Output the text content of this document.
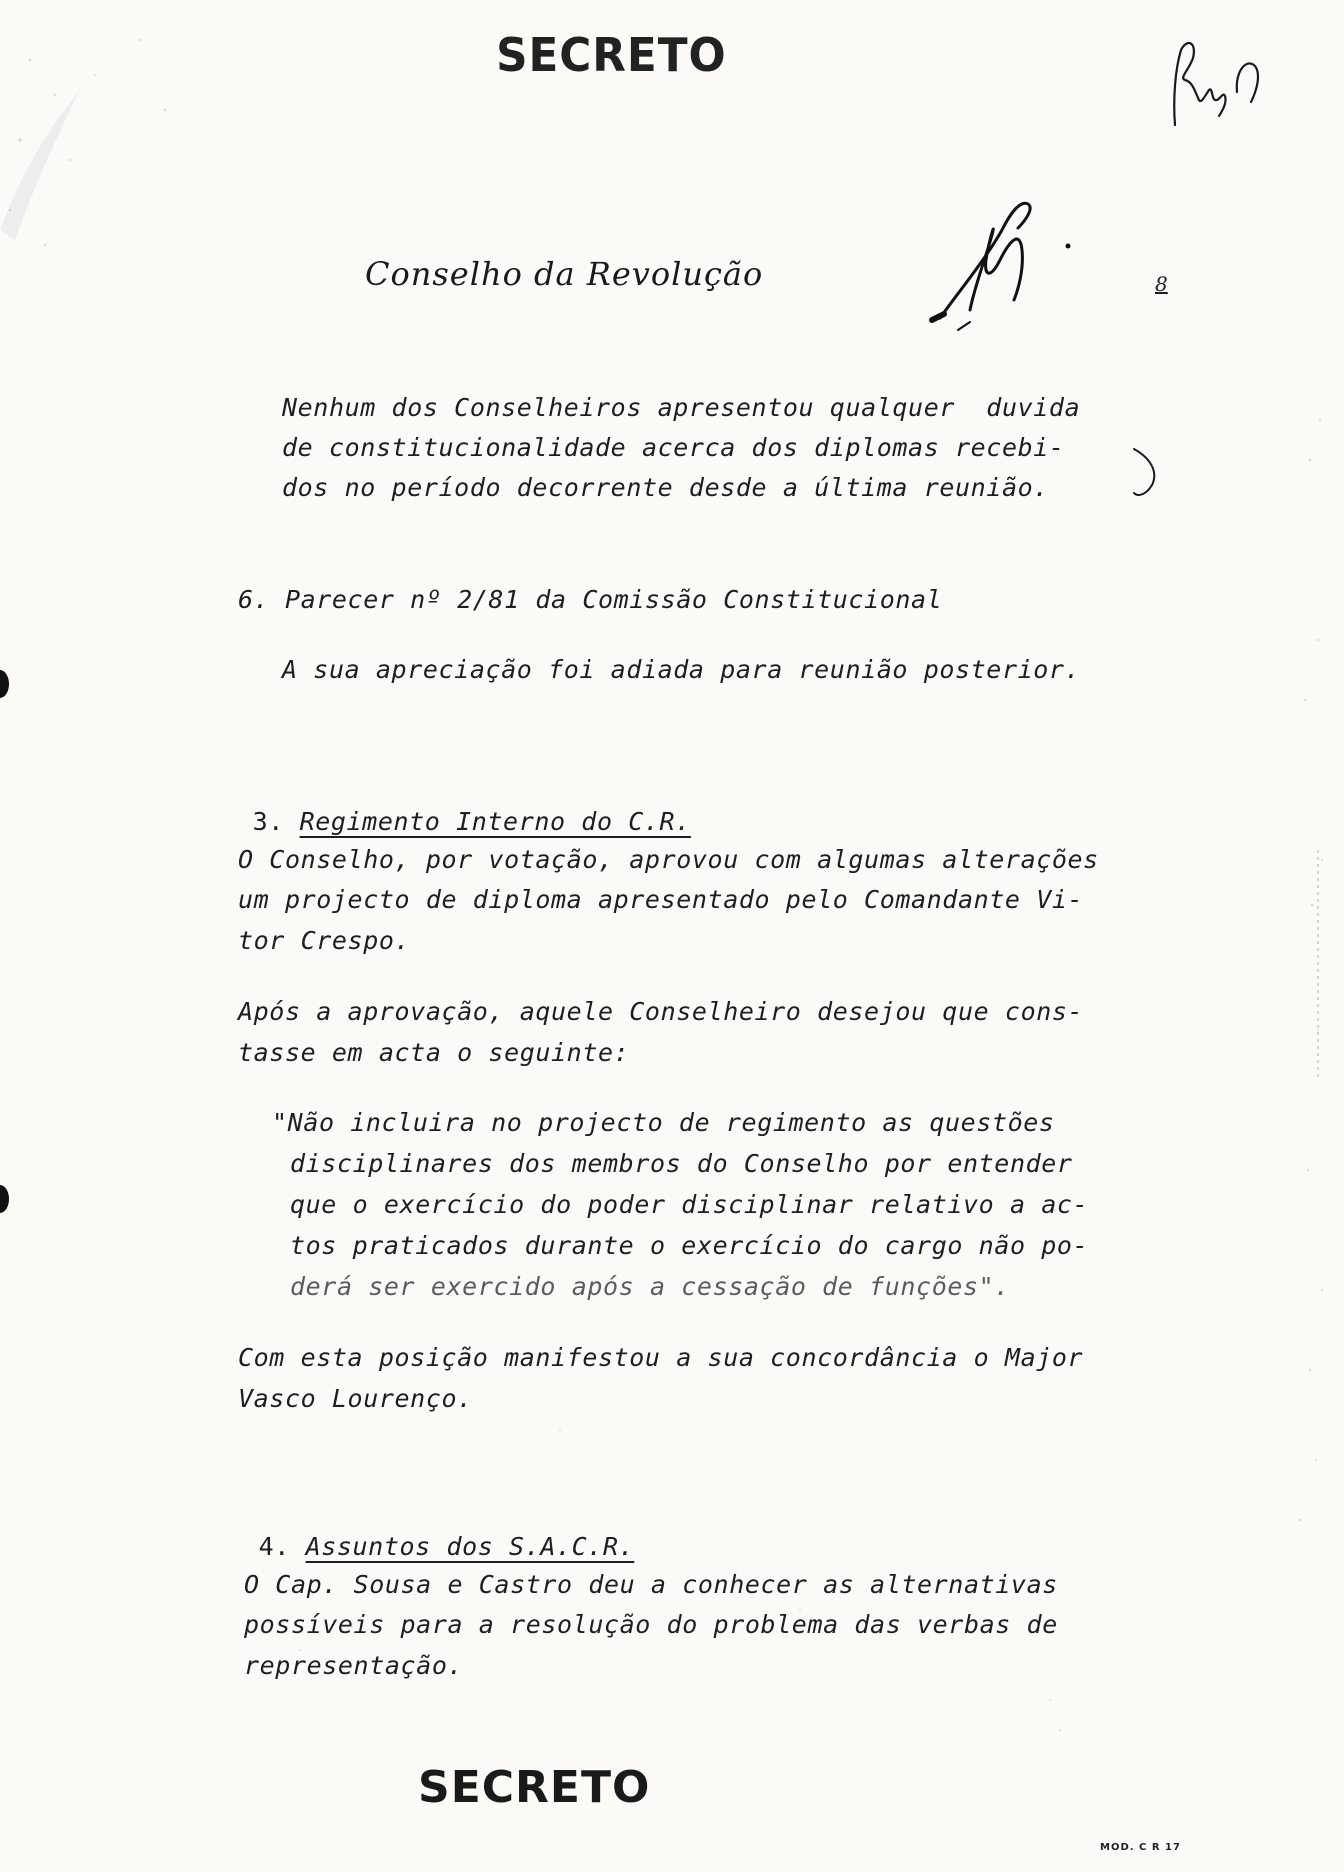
SECRETO
Conselho da Revolução	8
Nenhum dos Conselheiros apresentou qualquer  duvida
de constitucionalidade acerca dos diplomas recebi-
dos no período decorrente desde a última reunião.
6. Parecer nº 2/81 da Comissão Constitucional
A sua apreciação foi adiada para reunião posterior.

3. Regimento Interno do C.R.

O Conselho, por votação, aprovou com algumas alterações
um projecto de diploma apresentado pelo Comandante Vi-
tor Crespo.
Após a aprovação, aquele Conselheiro desejou que cons-
tasse em acta o seguinte:
"Não incluira no projecto de regimento as questões
disciplinares dos membros do Conselho por entender
que o exercício do poder disciplinar relativo a ac-
tos praticados durante o exercício do cargo não po-
derá ser exercido após a cessação de funções".
Com esta posição manifestou a sua concordância o Major
Vasco Lourenço.

4. Assuntos dos S.A.C.R.

O Cap. Sousa e Castro deu a conhecer as alternativas
possíveis para a resolução do problema das verbas de
representação.
SECRETO
MOD. C R 17
